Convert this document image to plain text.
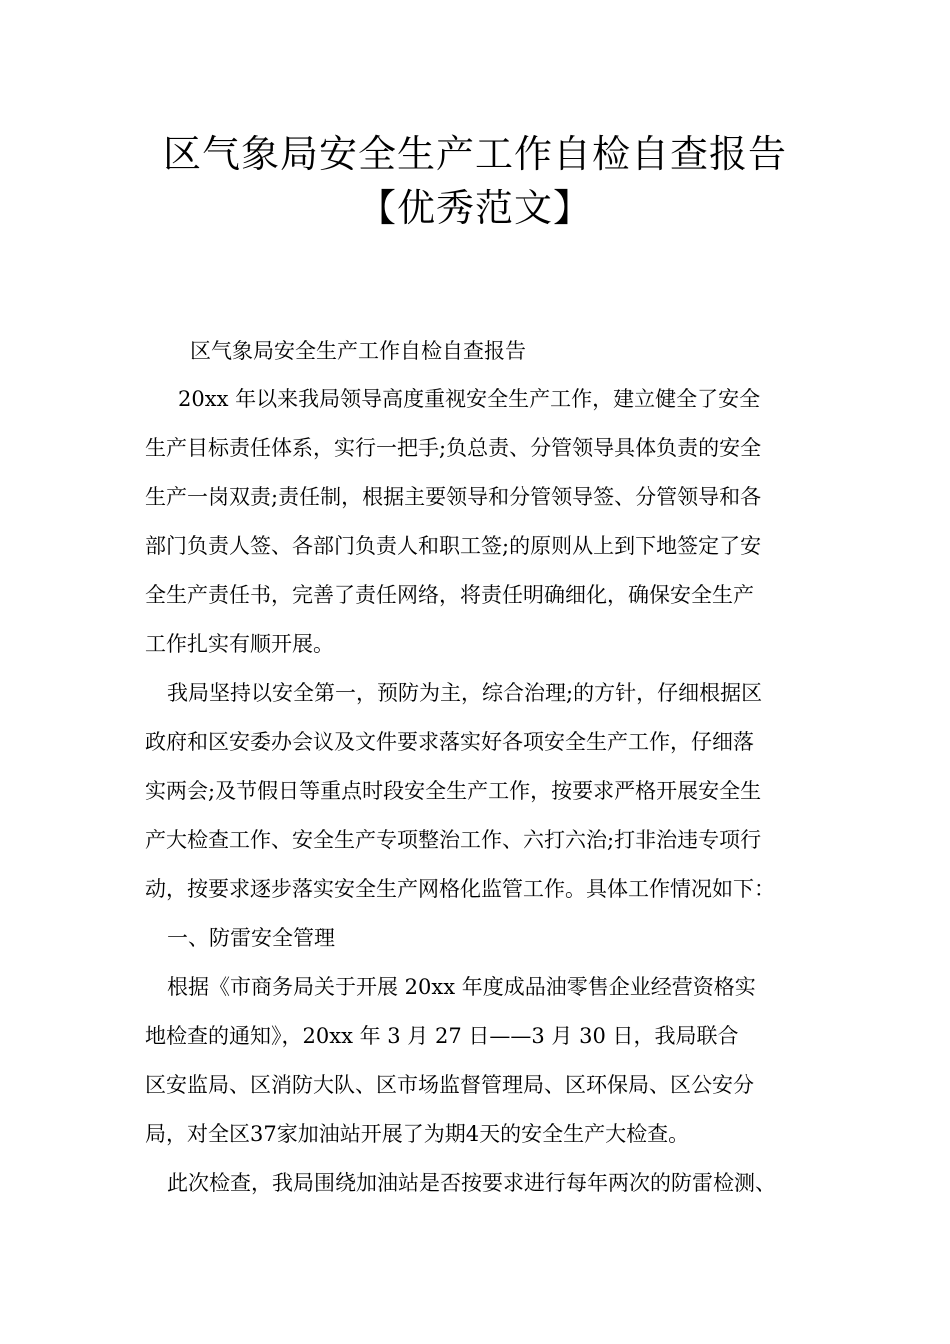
区气象局安全生产工作自检自查报告
【优秀范文】
区气象局安全生产工作自检自查报告
20xx 年以来我局领导高度重视安全生产工作，建立健全了安全
生产目标责任体系，实行一把手;负总责、分管领导具体负责的安全
生产一岗双责;责任制，根据主要领导和分管领导签、分管领导和各
部门负责人签、各部门负责人和职工签;的原则从上到下地签定了安
全生产责任书，完善了责任网络，将责任明确细化，确保安全生产
工作扎实有顺开展。
我局坚持以安全第一，预防为主，综合治理;的方针，仔细根据区
政府和区安委办会议及文件要求落实好各项安全生产工作，仔细落
实两会;及节假日等重点时段安全生产工作，按要求严格开展安全生
产大检查工作、安全生产专项整治工作、六打六治;打非治违专项行
动，按要求逐步落实安全生产网格化监管工作。具体工作情况如下：
一、防雷安全管理
根据《市商务局关于开展 20xx 年度成品油零售企业经营资格实
地检查的通知》，20xx 年 3 月 27 日——3 月 30 日，我局联合
区安监局、区消防大队、区市场监督管理局、区环保局、区公安分
局，对全区37家加油站开展了为期4天的安全生产大检查。
此次检查，我局围绕加油站是否按要求进行每年两次的防雷检测、
